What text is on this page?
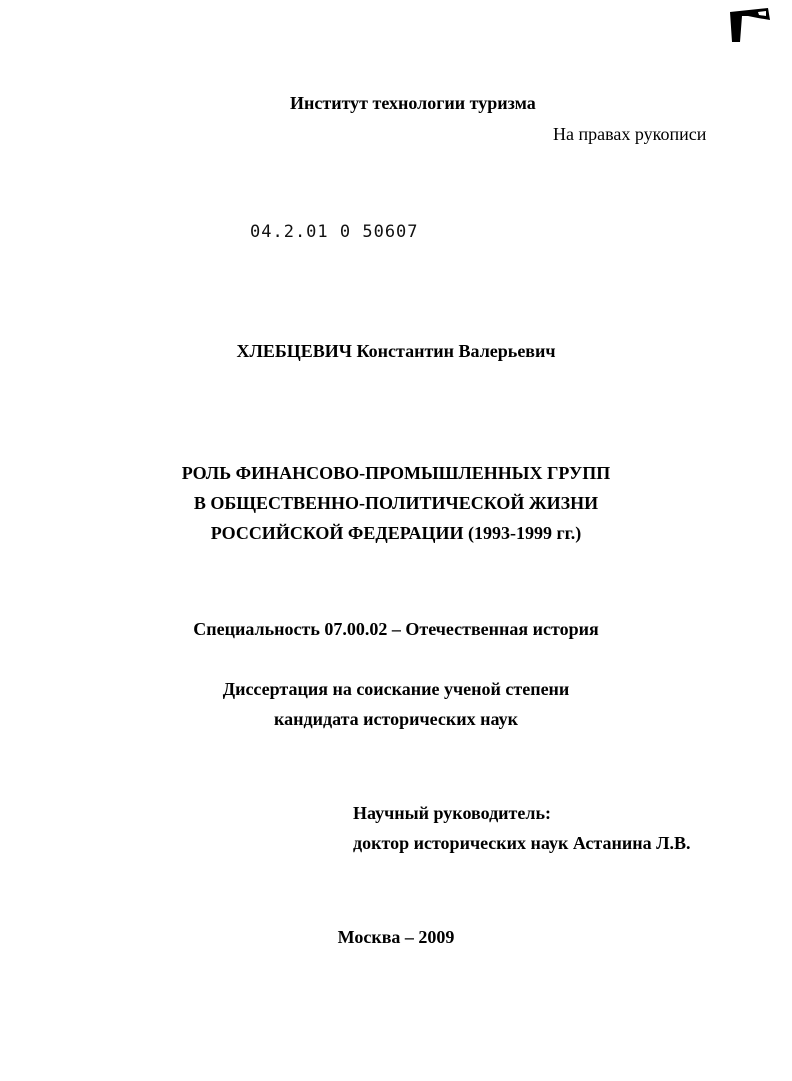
Институт технологии туризма

На правах рукописи

04.2.01 0 50607

ХЛЕБЦЕВИЧ Константин Валерьевич

РОЛЬ ФИНАНСОВО-ПРОМЫШЛЕННЫХ ГРУПП
В ОБЩЕСТВЕННО-ПОЛИТИЧЕСКОЙ ЖИЗНИ
РОССИЙСКОЙ ФЕДЕРАЦИИ (1993-1999 гг.)

Специальность 07.00.02 – Отечественная история

Диссертация на соискание ученой степени

кандидата исторических наук

Научный руководитель:

доктор исторических наук Астанина Л.В.

Москва – 2009
